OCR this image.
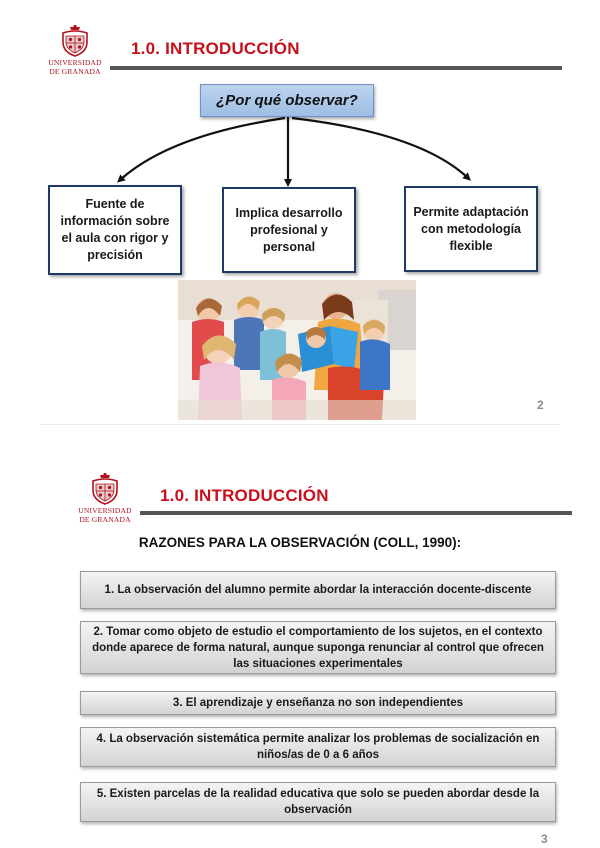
UNIVERSIDAD
DE GRANADA
1.0. INTRODUCCIÓN
¿Por qué observar?
Fuente de información sobre el aula con rigor y precisión
Implica desarrollo profesional y personal
Permite adaptación con metodología flexible
2
UNIVERSIDAD
DE GRANADA
1.0. INTRODUCCIÓN
RAZONES PARA LA OBSERVACIÓN (COLL, 1990):
1. La observación del alumno permite abordar la interacción docente-discente
2. Tomar como objeto de estudio el comportamiento de los sujetos, en el contexto donde aparece de forma natural, aunque suponga renunciar al control que ofrecen las situaciones experimentales
3. El aprendizaje y enseñanza no son independientes
4. La observación sistemática permite analizar los problemas de socialización en niños/as de 0 a 6 años
5. Existen parcelas de la realidad educativa que solo se pueden abordar desde la observación
3
